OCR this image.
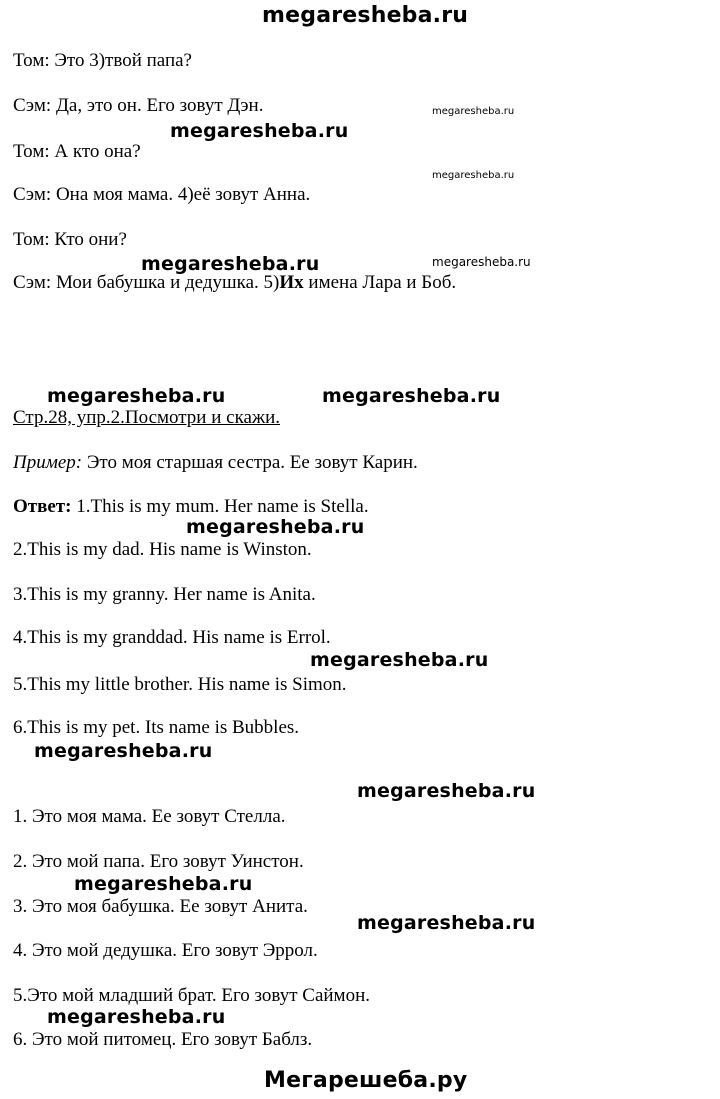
megaresheba.ru
Том: Это 3)твой папа?
Сэм: Да, это он. Его зовут Дэн.
Том: А кто она?
Сэм: Она моя мама. 4)её зовут Анна.
Том: Кто они?
Сэм: Мои бабушка и дедушка. 5)Их имена Лара и Боб.
megaresheba.ru
megaresheba.ru
megaresheba.ru
megaresheba.ru	megaresheba.ru
megaresheba.ru	megaresheba.ru
Стр.28, упр.2.Посмотри и скажи.
Пример: Это моя старшая сестра. Ее зовут Карин.
Ответ: 1.This is my mum. Her name is Stella.
megaresheba.ru
2.This is my dad. His name is Winston.
3.This is my granny. Her name is Anita.
4.This is my granddad. His name is Errol.
megaresheba.ru
5.This my little brother. His name is Simon.
6.This is my pet. Its name is Bubbles.
megaresheba.ru
megaresheba.ru
1. Это моя мама. Ее зовут Стелла.
2. Это мой папа. Его зовут Уинстон.
megaresheba.ru
3. Это моя бабушка. Ее зовут Анита.
megaresheba.ru
4. Это мой дедушка. Его зовут Эррол.
5.Это мой младший брат. Его зовут Саймон.
megaresheba.ru
6. Это мой питомец. Его зовут Баблз.
Мегарешеба.ру
